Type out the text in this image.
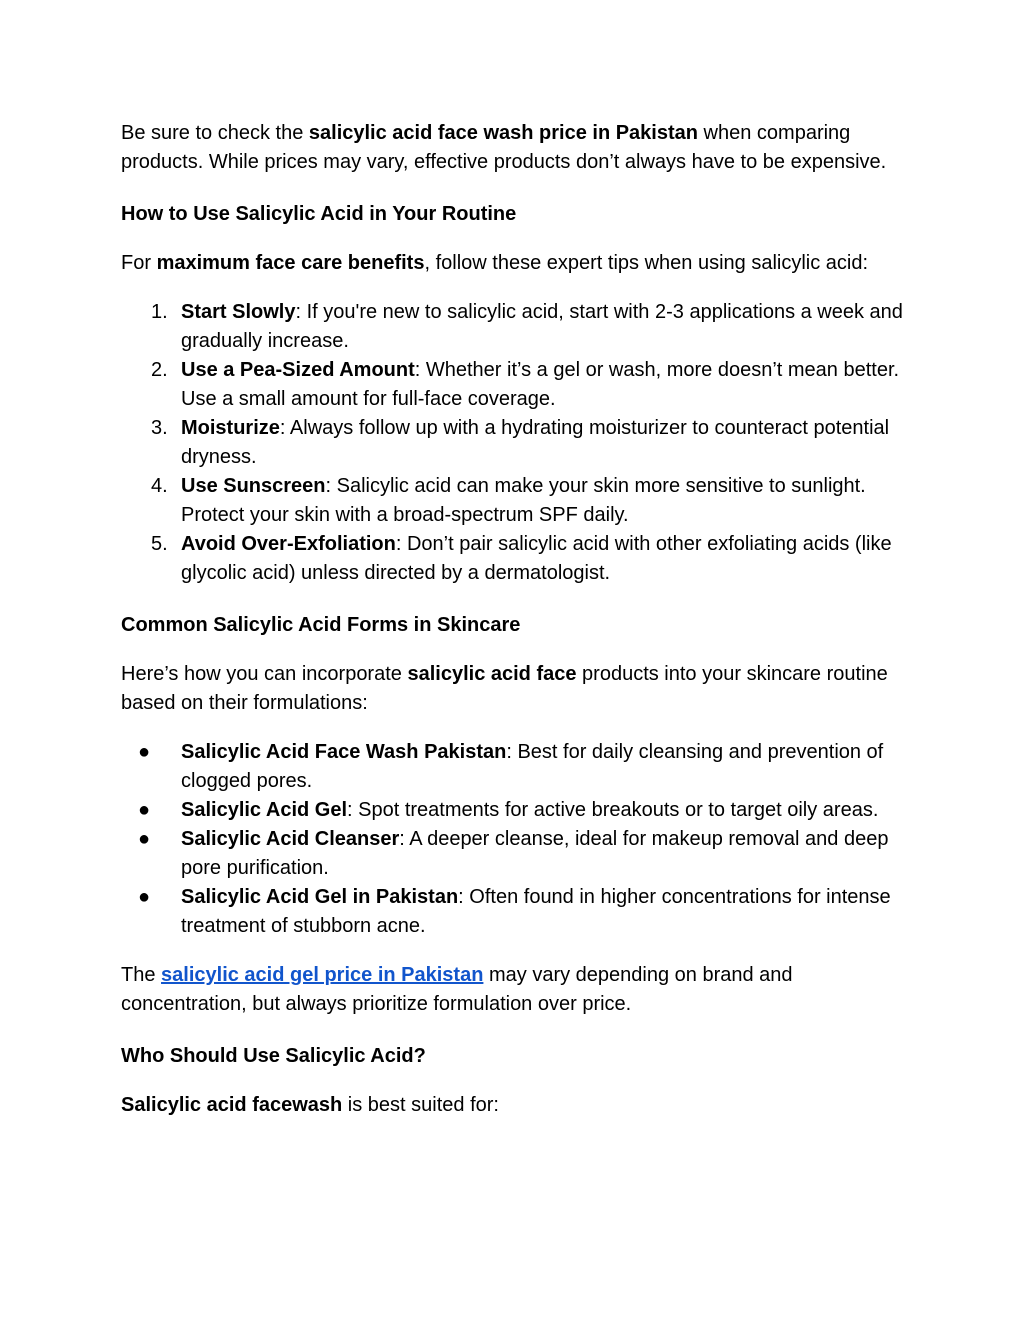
Be sure to check the salicylic acid face wash price in Pakistan when comparing products. While prices may vary, effective products don’t always have to be expensive.

How to Use Salicylic Acid in Your Routine

For maximum face care benefits, follow these expert tips when using salicylic acid:

1. Start Slowly: If you're new to salicylic acid, start with 2-3 applications a week and gradually increase.
2. Use a Pea-Sized Amount: Whether it’s a gel or wash, more doesn’t mean better. Use a small amount for full-face coverage.
3. Moisturize: Always follow up with a hydrating moisturizer to counteract potential dryness.
4. Use Sunscreen: Salicylic acid can make your skin more sensitive to sunlight. Protect your skin with a broad-spectrum SPF daily.
5. Avoid Over-Exfoliation: Don’t pair salicylic acid with other exfoliating acids (like glycolic acid) unless directed by a dermatologist.

Common Salicylic Acid Forms in Skincare

Here’s how you can incorporate salicylic acid face products into your skincare routine based on their formulations:

● Salicylic Acid Face Wash Pakistan: Best for daily cleansing and prevention of clogged pores.
● Salicylic Acid Gel: Spot treatments for active breakouts or to target oily areas.
● Salicylic Acid Cleanser: A deeper cleanse, ideal for makeup removal and deep pore purification.
● Salicylic Acid Gel in Pakistan: Often found in higher concentrations for intense treatment of stubborn acne.

The salicylic acid gel price in Pakistan may vary depending on brand and concentration, but always prioritize formulation over price.

Who Should Use Salicylic Acid?

Salicylic acid facewash is best suited for:
